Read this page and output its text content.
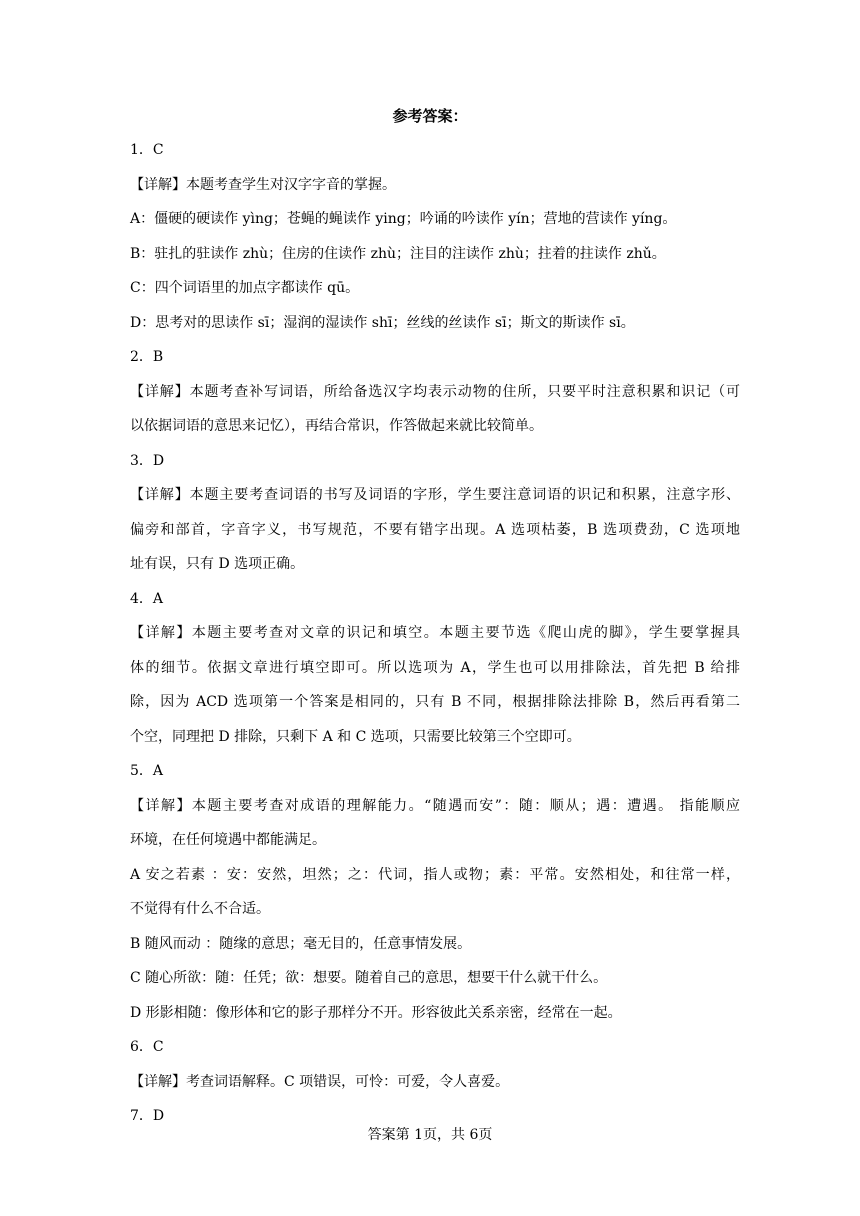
参考答案：
1．C
【详解】本题考查学生对汉字字音的掌握。
A：僵硬的硬读作 yìng；苍蝇的蝇读作 ying；吟诵的吟读作 yín；营地的营读作 yíng。
B：驻扎的驻读作 zhù；住房的住读作 zhù；注目的注读作 zhù；拄着的拄读作 zhǔ。
C：四个词语里的加点字都读作 qū。
D：思考对的思读作 sī；湿润的湿读作 shī；丝线的丝读作 sī；斯文的斯读作 sī。
2．B
【详解】本题考查补写词语，所给备选汉字均表示动物的住所，只要平时注意积累和识记（可
以依据词语的意思来记忆），再结合常识，作答做起来就比较简单。
3．D
【详解】本题主要考查词语的书写及词语的字形，学生要注意词语的识记和积累，注意字形、
偏旁和部首，字音字义，书写规范，不要有错字出现。A 选项枯萎，B 选项费劲，C 选项地
址有误，只有 D 选项正确。
4．A
【详解】本题主要考查对文章的识记和填空。本题主要节选《爬山虎的脚》，学生要掌握具
体的细节。依据文章进行填空即可。所以选项为 A，学生也可以用排除法，首先把 B 给排
除，因为 ACD 选项第一个答案是相同的，只有 B 不同，根据排除法排除 B，然后再看第二
个空，同理把 D 排除，只剩下 A 和 C 选项，只需要比较第三个空即可。
5．A
【详解】本题主要考查对成语的理解能力。“随遇而安”：随：顺从；遇：遭遇。 指能顺应
环境，在任何境遇中都能满足。
A 安之若素 ：安：安然，坦然；之：代词，指人或物；素：平常。安然相处，和往常一样，
不觉得有什么不合适。
B 随风而动 ：随缘的意思；毫无目的，任意事情发展。
C 随心所欲：随：任凭；欲：想要。随着自己的意思，想要干什么就干什么。
D 形影相随：像形体和它的影子那样分不开。形容彼此关系亲密，经常在一起。
6．C
【详解】考查词语解释。C 项错误，可怜：可爱，令人喜爱。
7．D
答案第 1页，共 6页
